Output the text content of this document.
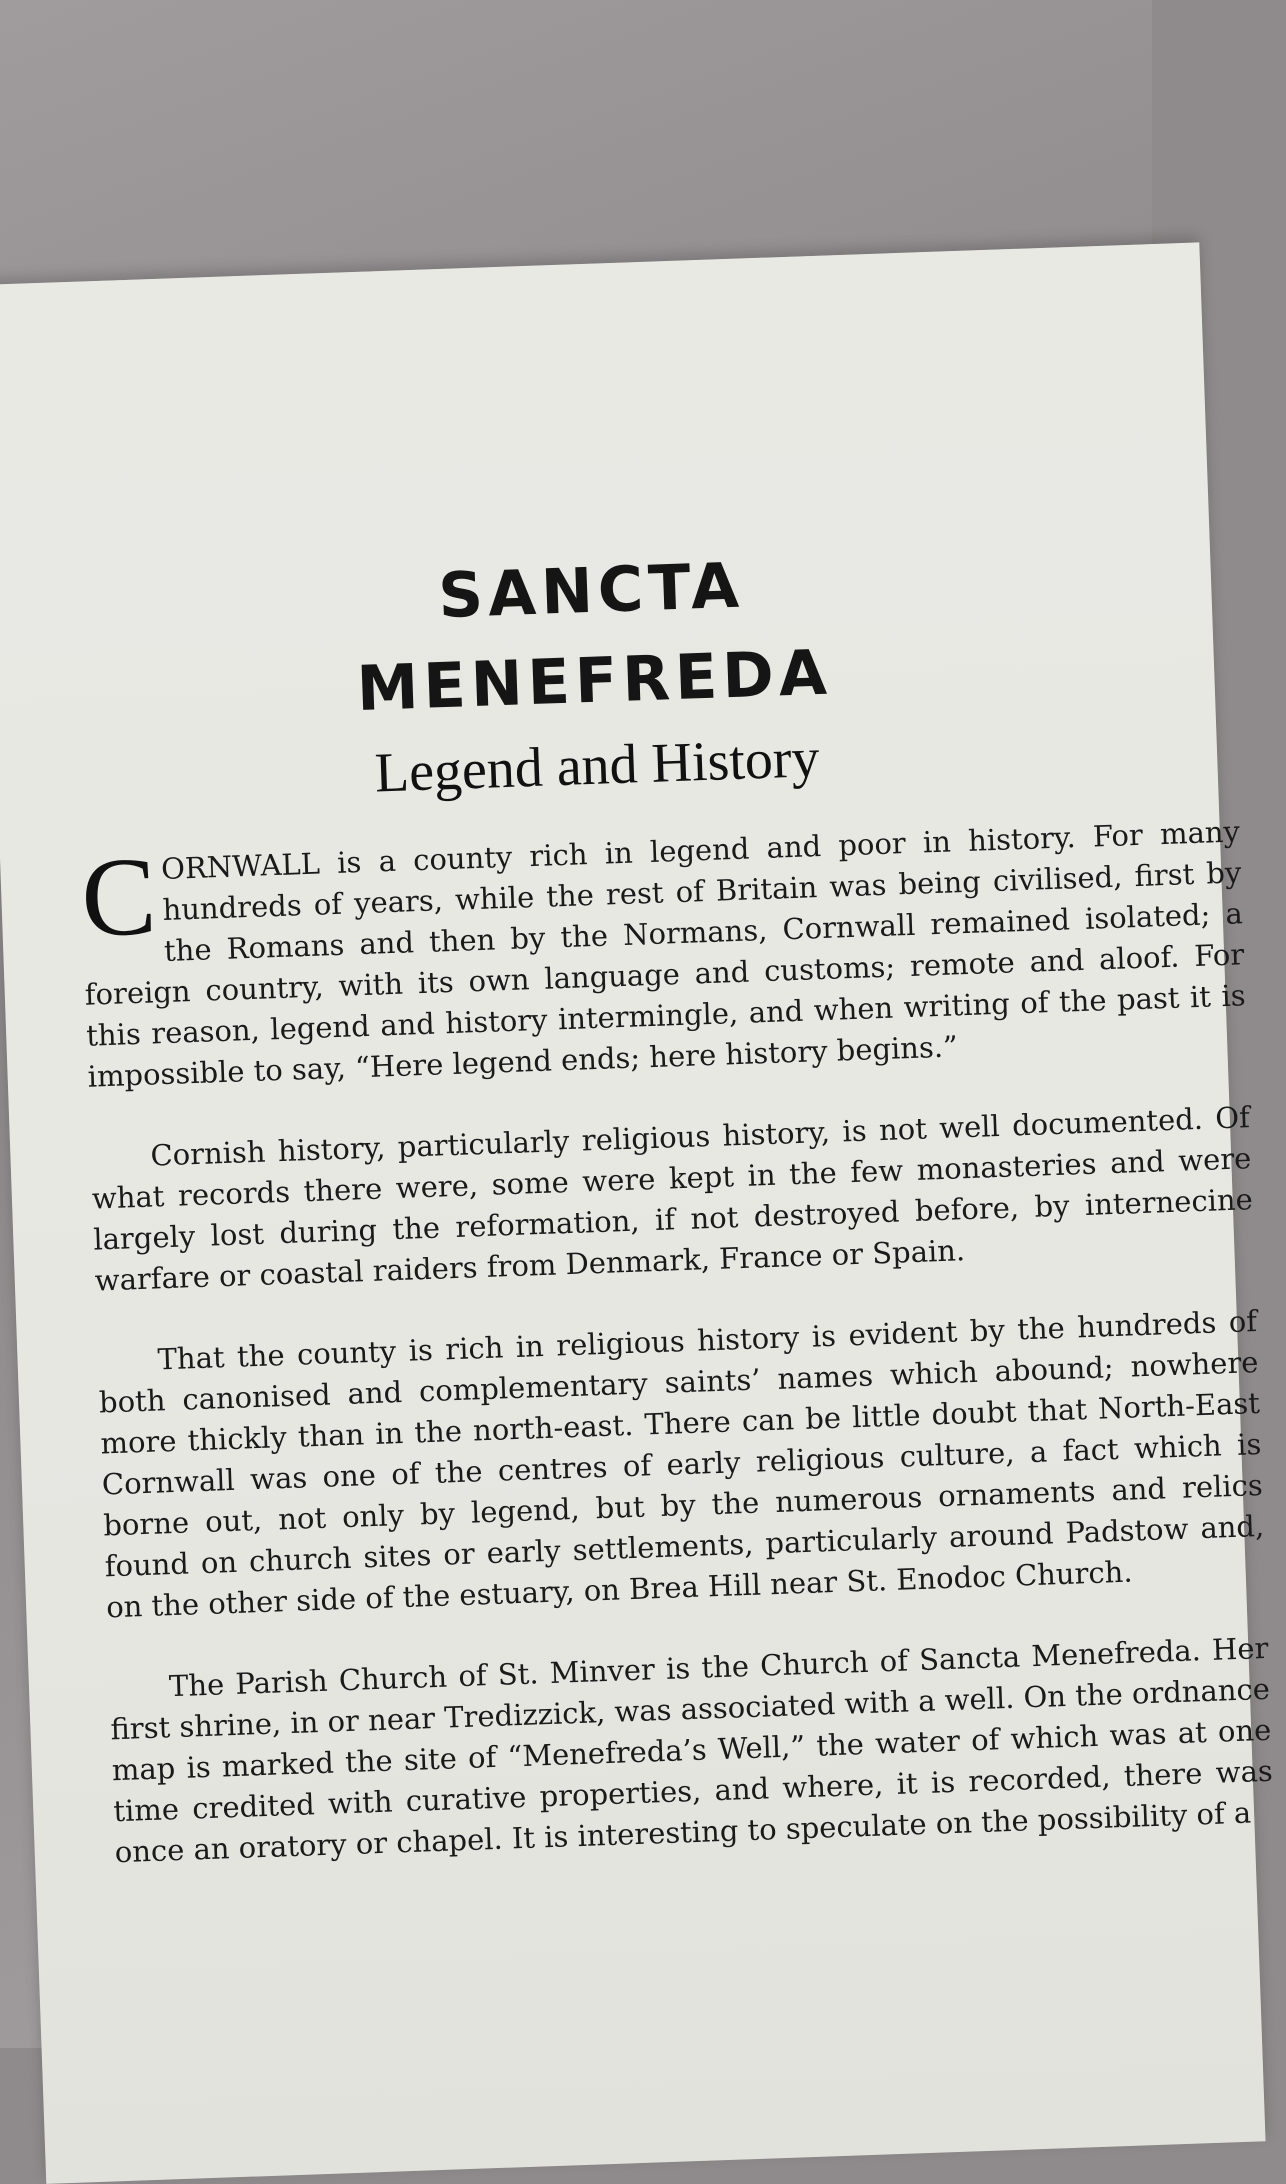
SANCTA
MENEFREDA
Legend and History

CORNWALL is a county rich in legend and poor in history. For many hundreds of years, while the rest of Britain was being civilised, first by the Romans and then by the Normans, Cornwall remained isolated; a foreign country, with its own language and customs; remote and aloof. For this reason, legend and history intermingle, and when writing of the past it is impossible to say, “Here legend ends; here history begins.”

Cornish history, particularly religious history, is not well documented. Of what records there were, some were kept in the few monasteries and were largely lost during the reformation, if not destroyed before, by internecine warfare or coastal raiders from Denmark, France or Spain.

That the county is rich in religious history is evident by the hundreds of both canonised and complementary saints’ names which abound; nowhere more thickly than in the north-east. There can be little doubt that North-East Cornwall was one of the centres of early religious culture, a fact which is borne out, not only by legend, but by the numerous ornaments and relics found on church sites or early settlements, particularly around Padstow and, on the other side of the estuary, on Brea Hill near St. Enodoc Church.

The Parish Church of St. Minver is the Church of Sancta Menefreda. Her first shrine, in or near Tredizzick, was associated with a well. On the ordnance map is marked the site of “Menefreda’s Well,” the water of which was at one time credited with curative properties, and where, it is recorded, there was once an oratory or chapel. It is interesting to speculate on the possibility of a
